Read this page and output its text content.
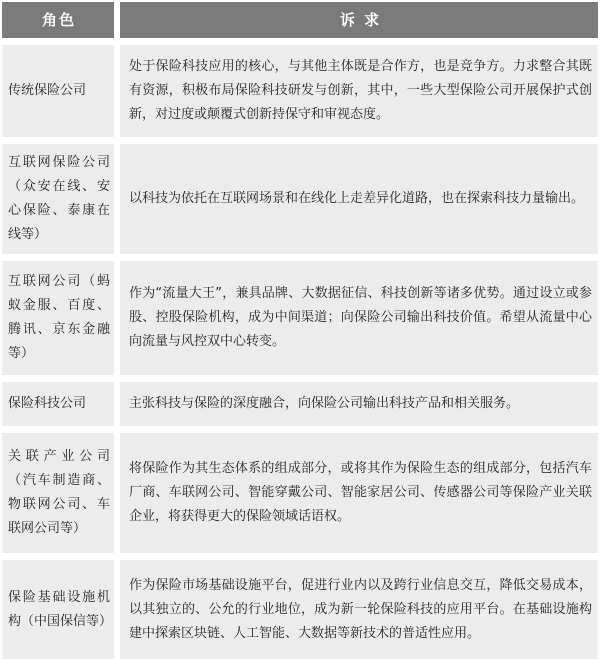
角色	诉 求
传统保险公司
处于保险科技应用的核心，与其他主体既是合作方，也是竞争方。力求整合其既有资源，积极布局保险科技研发与创新，其中，一些大型保险公司开展保护式创新，对过度或颠覆式创新持保守和审视态度。
互联网保险公司（众安在线、安心保险、泰康在线等）
以科技为依托在互联网场景和在线化上走差异化道路，也在探索科技力量输出。
互联网公司（蚂蚁金服、百度、腾讯、京东金融等）
作为“流量大王”，兼具品牌、大数据征信、科技创新等诸多优势。通过设立或参股、控股保险机构，成为中间渠道；向保险公司输出科技价值。希望从流量中心向流量与风控双中心转变。
保险科技公司	主张科技与保险的深度融合，向保险公司输出科技产品和相关服务。
关联产业公司（汽车制造商、物联网公司、车联网公司等）
将保险作为其生态体系的组成部分，或将其作为保险生态的组成部分，包括汽车厂商、车联网公司、智能穿戴公司、智能家居公司、传感器公司等保险产业关联企业，将获得更大的保险领域话语权。
保险基础设施机构（中国保信等）
作为保险市场基础设施平台，促进行业内以及跨行业信息交互，降低交易成本，以其独立的、公允的行业地位，成为新一轮保险科技的应用平台。在基础设施构建中探索区块链、人工智能、大数据等新技术的普适性应用。
